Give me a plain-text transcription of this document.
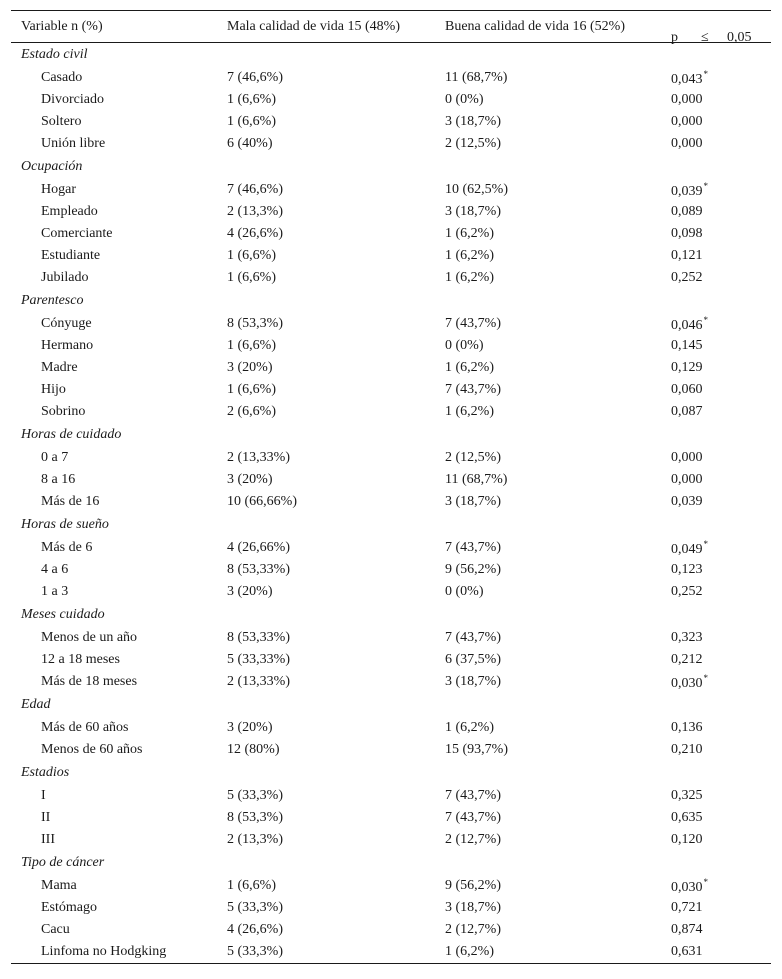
Variable n (%)	Mala calidad de vida 15 (48%)	Buena calidad de vida 16 (52%)	p ≤ 0,05

Estado civil			
Casado	7 (46,6%)	11 (68,7%)	0,043*
Divorciado	1 (6,6%)	0 (0%)	0,000
Soltero	1 (6,6%)	3 (18,7%)	0,000
Unión libre	6 (40%)	2 (12,5%)	0,000
Ocupación			
Hogar	7 (46,6%)	10 (62,5%)	0,039*
Empleado	2 (13,3%)	3 (18,7%)	0,089
Comerciante	4 (26,6%)	1 (6,2%)	0,098
Estudiante	1 (6,6%)	1 (6,2%)	0,121
Jubilado	1 (6,6%)	1 (6,2%)	0,252
Parentesco			
Cónyuge	8 (53,3%)	7 (43,7%)	0,046*
Hermano	1 (6,6%)	0 (0%)	0,145
Madre	3 (20%)	1 (6,2%)	0,129
Hijo	1 (6,6%)	7 (43,7%)	0,060
Sobrino	2 (6,6%)	1 (6,2%)	0,087
Horas de cuidado			
0 a 7	2 (13,33%)	2 (12,5%)	0,000
8 a 16	3 (20%)	11 (68,7%)	0,000
Más de 16	10 (66,66%)	3 (18,7%)	0,039
Horas de sueño			
Más de 6	4 (26,66%)	7 (43,7%)	0,049*
4 a 6	8 (53,33%)	9 (56,2%)	0,123
1 a 3	3 (20%)	0 (0%)	0,252
Meses cuidado			
Menos de un año	8 (53,33%)	7 (43,7%)	0,323
12 a 18 meses	5 (33,33%)	6 (37,5%)	0,212
Más de 18 meses	2 (13,33%)	3 (18,7%)	0,030*
Edad			
Más de 60 años	3 (20%)	1 (6,2%)	0,136
Menos de 60 años	12 (80%)	15 (93,7%)	0,210
Estadios			
I	5 (33,3%)	7 (43,7%)	0,325
II	8 (53,3%)	7 (43,7%)	0,635
III	2 (13,3%)	2 (12,7%)	0,120
Tipo de cáncer			
Mama	1 (6,6%)	9 (56,2%)	0,030*
Estómago	5 (33,3%)	3 (18,7%)	0,721
Cacu	4 (26,6%)	2 (12,7%)	0,874
Linfoma no Hodgking	5 (33,3%)	1 (6,2%)	0,631
